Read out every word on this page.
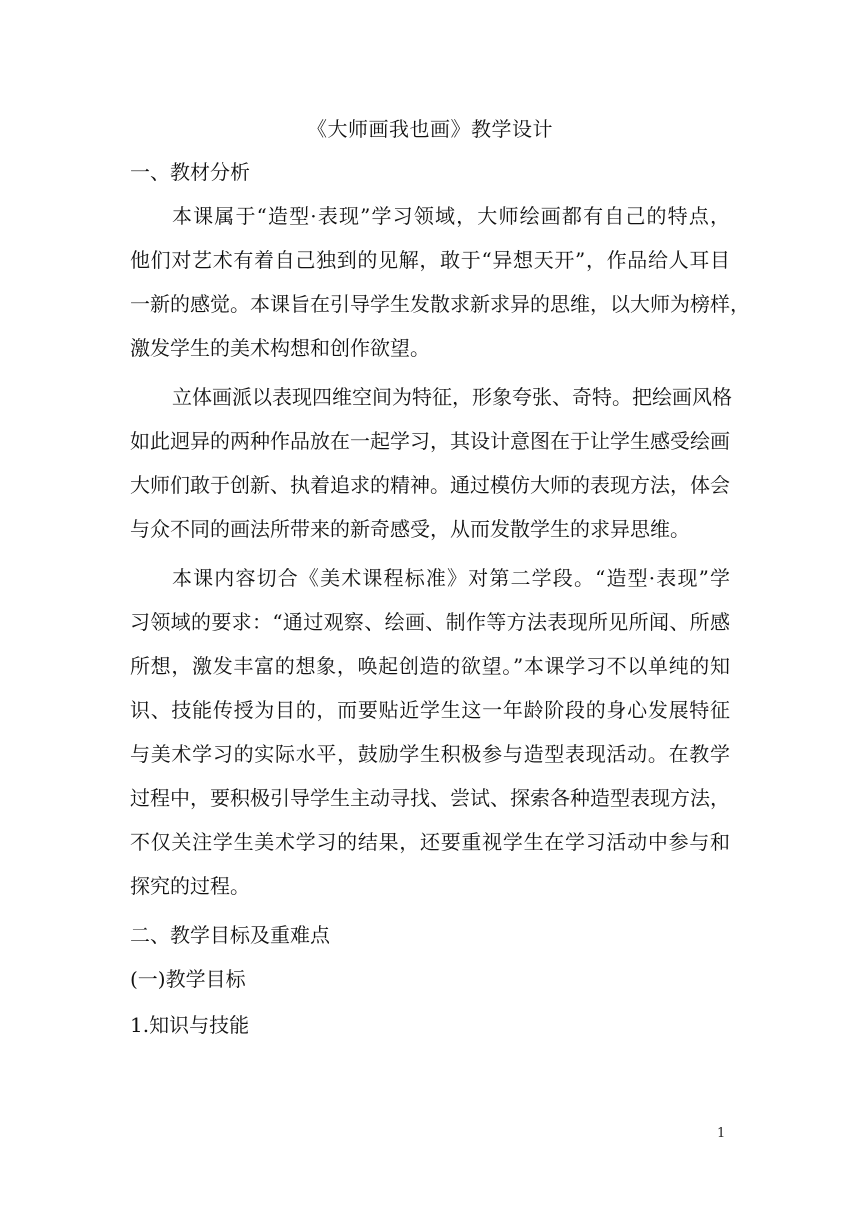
《大师画我也画》教学设计
一、教材分析
本课属于“造型·表现”学习领域，大师绘画都有自己的特点，
他们对艺术有着自己独到的见解，敢于“异想天开”，作品给人耳目
一新的感觉。本课旨在引导学生发散求新求异的思维，以大师为榜样，
激发学生的美术构想和创作欲望。
立体画派以表现四维空间为特征，形象夸张、奇特。把绘画风格
如此迥异的两种作品放在一起学习，其设计意图在于让学生感受绘画
大师们敢于创新、执着追求的精神。通过模仿大师的表现方法，体会
与众不同的画法所带来的新奇感受，从而发散学生的求异思维。
本课内容切合《美术课程标准》对第二学段。“造型·表现”学
习领域的要求：“通过观察、绘画、制作等方法表现所见所闻、所感
所想，激发丰富的想象，唤起创造的欲望。”本课学习不以单纯的知
识、技能传授为目的，而要贴近学生这一年龄阶段的身心发展特征
与美术学习的实际水平，鼓励学生积极参与造型表现活动。在教学
过程中，要积极引导学生主动寻找、尝试、探索各种造型表现方法，
不仅关注学生美术学习的结果，还要重视学生在学习活动中参与和
探究的过程。
二、教学目标及重难点
(一)教学目标
1.知识与技能
1
